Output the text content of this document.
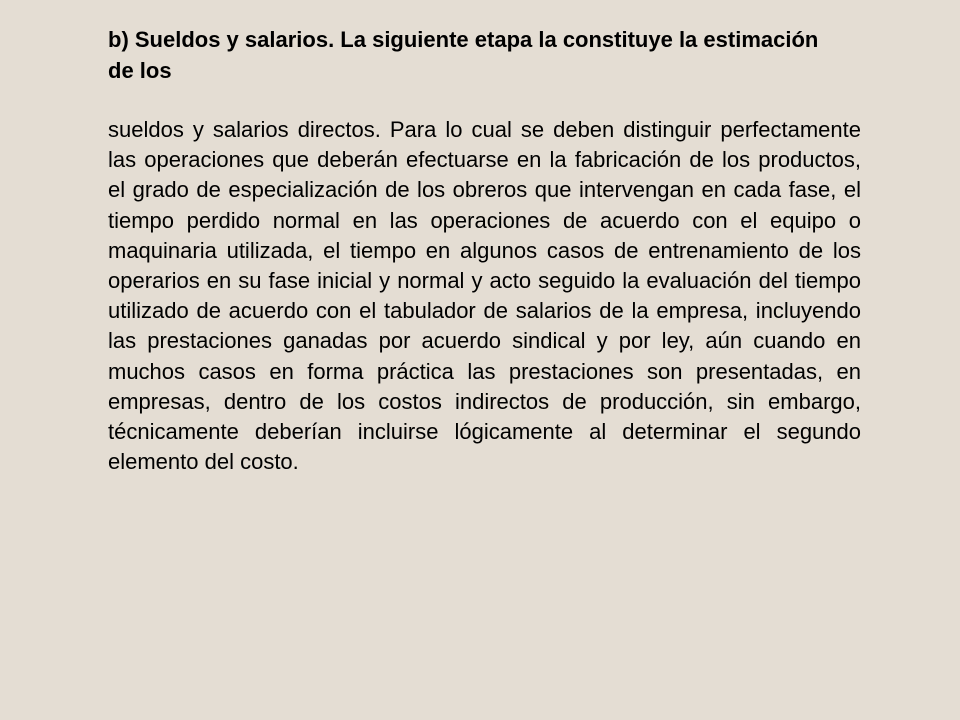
b) Sueldos y salarios. La siguiente etapa la constituye la estimación de los

sueldos y salarios directos. Para lo cual se deben distinguir perfectamente las operaciones que deberán efectuarse en la fabricación de los productos, el grado de especialización de los obreros que intervengan en cada fase, el tiempo perdido normal en las operaciones de acuerdo con el equipo o maquinaria utilizada, el tiempo en algunos casos de entrenamiento de los operarios en su fase inicial y normal y acto seguido la evaluación del tiempo utilizado de acuerdo con el tabulador de salarios de la empresa, incluyendo las prestaciones ganadas por acuerdo sindical y por ley, aún cuando en muchos casos en forma práctica las prestaciones son presentadas, en empresas, dentro de los costos indirectos de producción, sin embargo, técnicamente deberían incluirse lógicamente al determinar el segundo elemento del costo.
